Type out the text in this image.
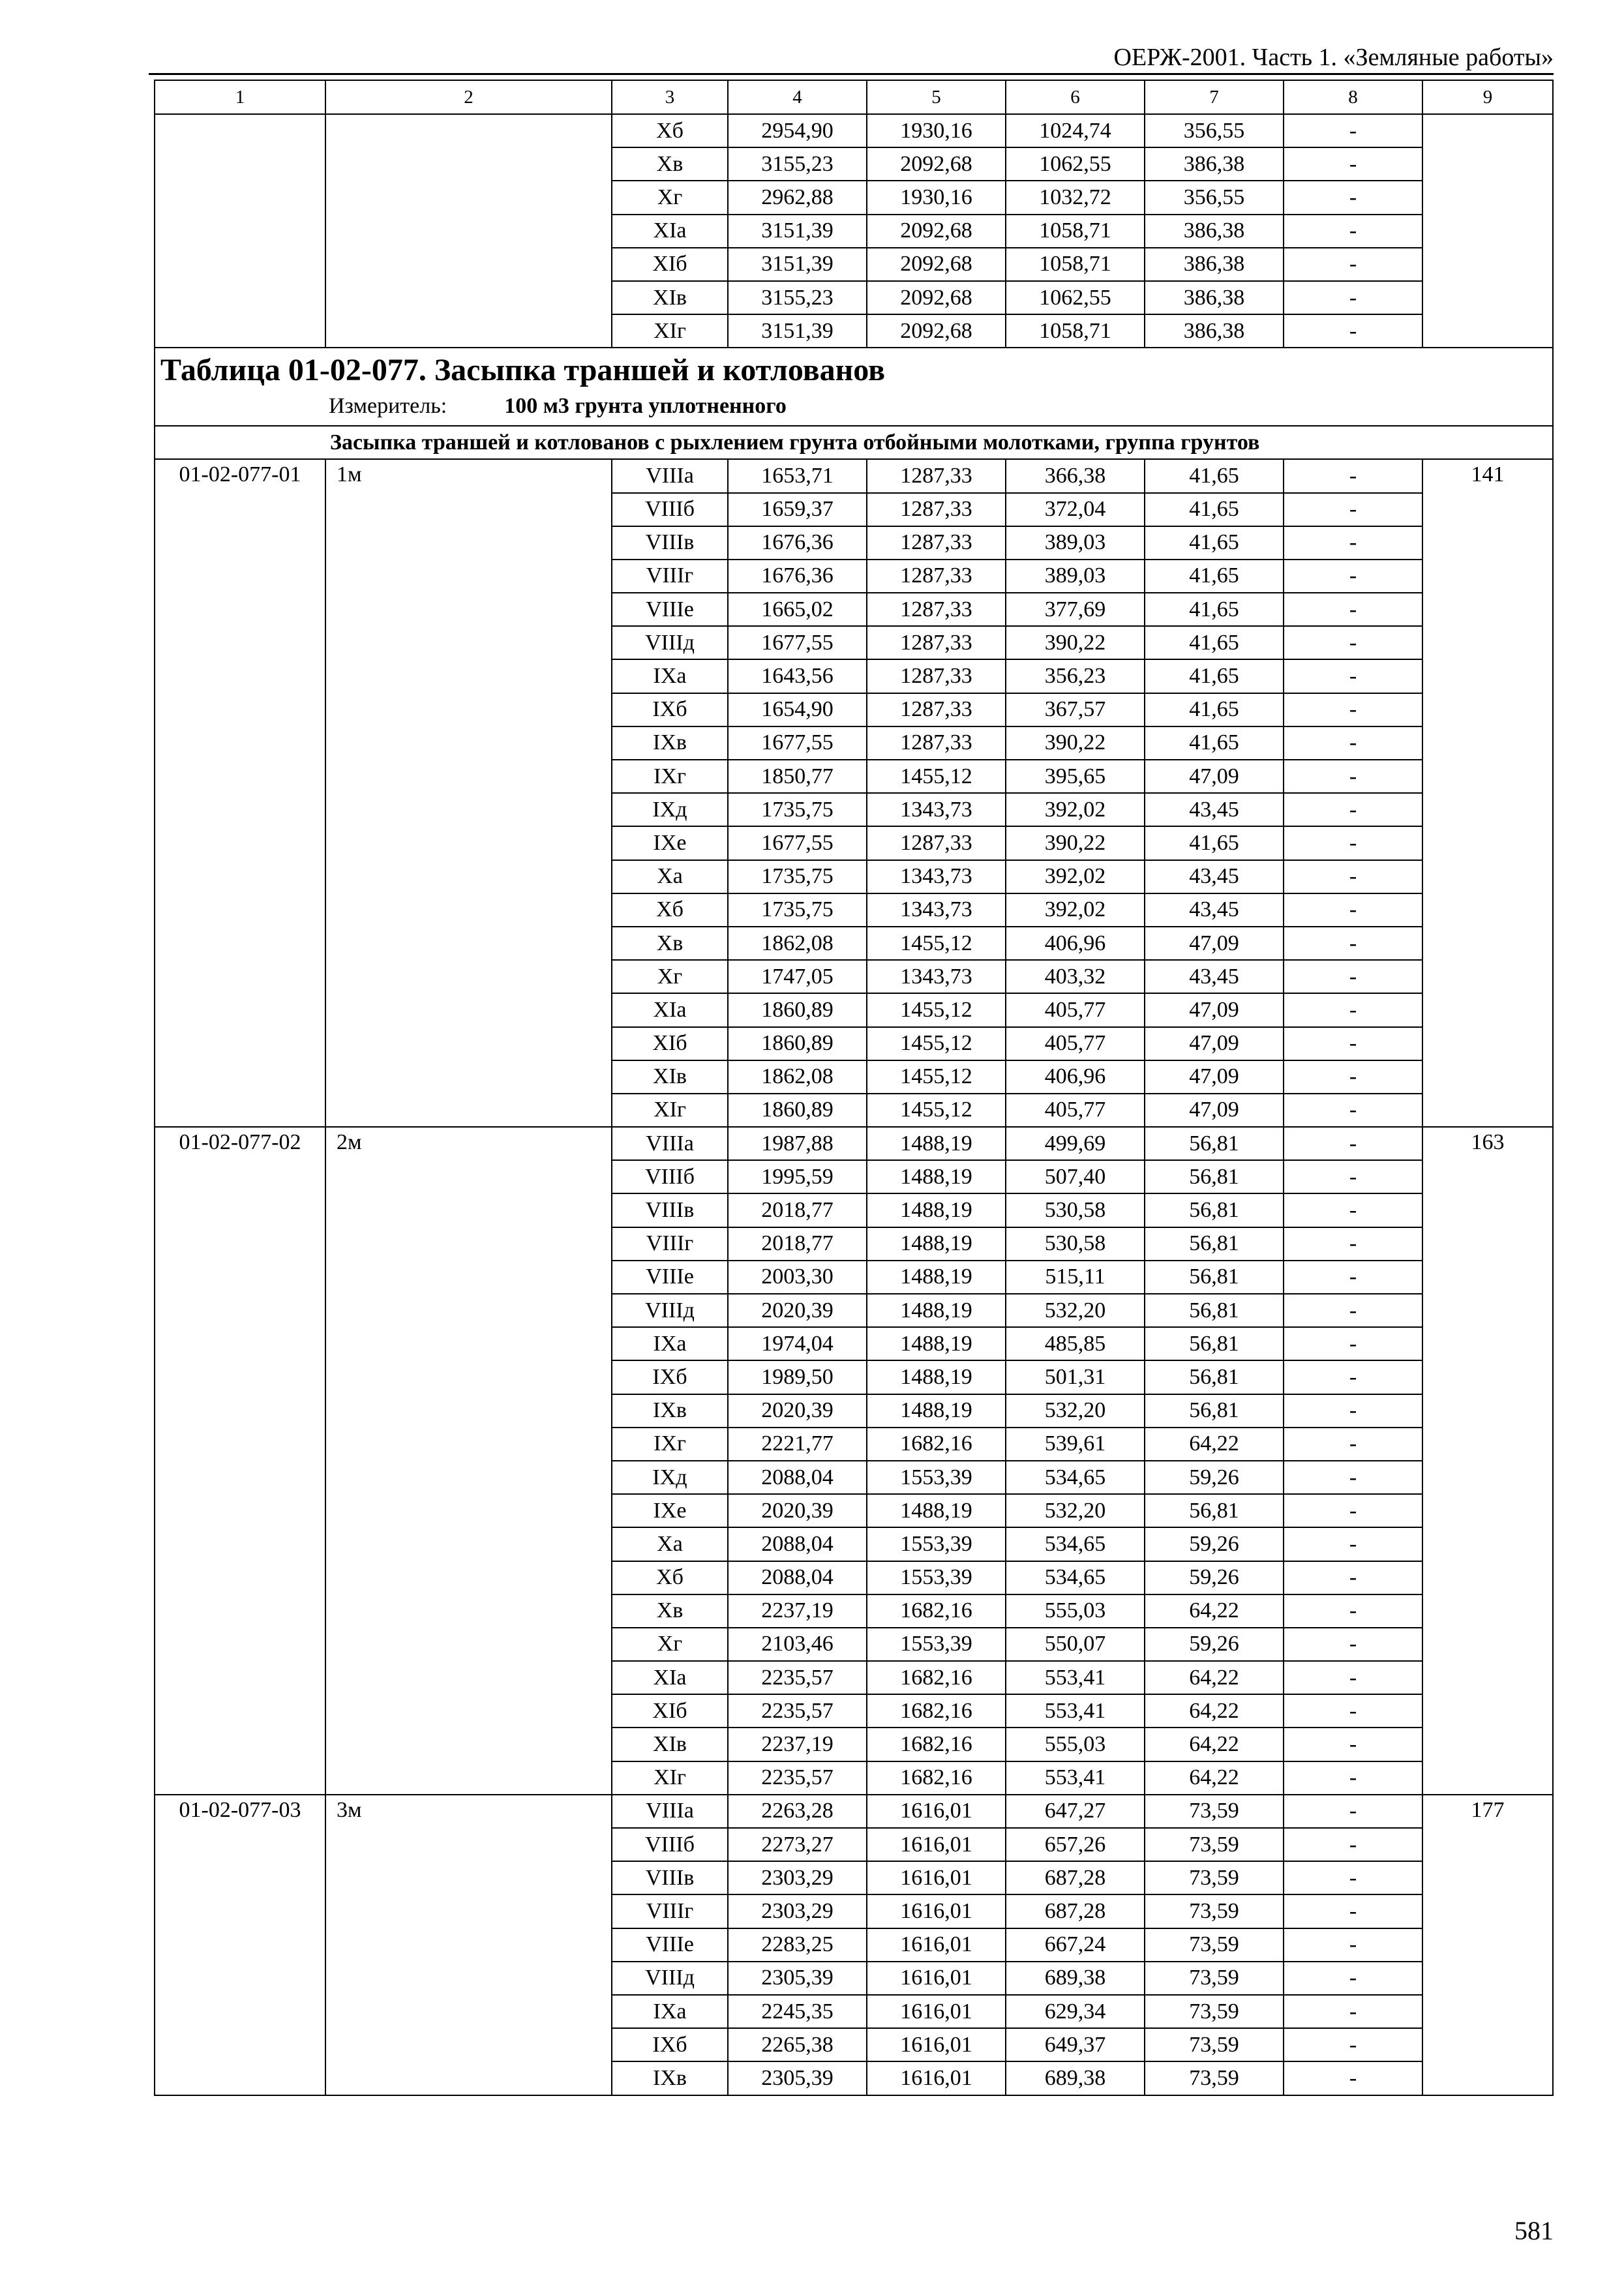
ОЕРЖ-2001. Часть 1. «Земляные работы»
1	2	3	4	5	6	7	8	9
		Xб	2954,90	1930,16	1024,74	356,55	-	
		Xв	3155,23	2092,68	1062,55	386,38	-	
		Xг	2962,88	1930,16	1032,72	356,55	-	
		XIа	3151,39	2092,68	1058,71	386,38	-	
		XIб	3151,39	2092,68	1058,71	386,38	-	
		XIв	3155,23	2092,68	1062,55	386,38	-	
		XIг	3151,39	2092,68	1058,71	386,38	-	

Таблица 01-02-077. Засыпка траншей и котлованов
Измеритель: 100 м3 грунта уплотненного								

Засыпка траншей и котлованов с рыхлением грунта отбойными молотками, группа грунтов								
01-02-077-01	1м	VIIIа	1653,71	1287,33	366,38	41,65	-	141
		VIIIб	1659,37	1287,33	372,04	41,65	-	
		VIIIв	1676,36	1287,33	389,03	41,65	-	
		VIIIг	1676,36	1287,33	389,03	41,65	-	
		VIIIе	1665,02	1287,33	377,69	41,65	-	
		VIIIд	1677,55	1287,33	390,22	41,65	-	
		IXа	1643,56	1287,33	356,23	41,65	-	
		IXб	1654,90	1287,33	367,57	41,65	-	
		IXв	1677,55	1287,33	390,22	41,65	-	
		IXг	1850,77	1455,12	395,65	47,09	-	
		IXд	1735,75	1343,73	392,02	43,45	-	
		IXе	1677,55	1287,33	390,22	41,65	-	
		Xа	1735,75	1343,73	392,02	43,45	-	
		Xб	1735,75	1343,73	392,02	43,45	-	
		Xв	1862,08	1455,12	406,96	47,09	-	
		Xг	1747,05	1343,73	403,32	43,45	-	
		XIа	1860,89	1455,12	405,77	47,09	-	
		XIб	1860,89	1455,12	405,77	47,09	-	
		XIв	1862,08	1455,12	406,96	47,09	-	
		XIг	1860,89	1455,12	405,77	47,09	-	
01-02-077-02	2м	VIIIа	1987,88	1488,19	499,69	56,81	-	163
		VIIIб	1995,59	1488,19	507,40	56,81	-	
		VIIIв	2018,77	1488,19	530,58	56,81	-	
		VIIIг	2018,77	1488,19	530,58	56,81	-	
		VIIIе	2003,30	1488,19	515,11	56,81	-	
		VIIIд	2020,39	1488,19	532,20	56,81	-	
		IXа	1974,04	1488,19	485,85	56,81	-	
		IXб	1989,50	1488,19	501,31	56,81	-	
		IXв	2020,39	1488,19	532,20	56,81	-	
		IXг	2221,77	1682,16	539,61	64,22	-	
		IXд	2088,04	1553,39	534,65	59,26	-	
		IXе	2020,39	1488,19	532,20	56,81	-	
		Xа	2088,04	1553,39	534,65	59,26	-	
		Xб	2088,04	1553,39	534,65	59,26	-	
		Xв	2237,19	1682,16	555,03	64,22	-	
		Xг	2103,46	1553,39	550,07	59,26	-	
		XIа	2235,57	1682,16	553,41	64,22	-	
		XIб	2235,57	1682,16	553,41	64,22	-	
		XIв	2237,19	1682,16	555,03	64,22	-	
		XIг	2235,57	1682,16	553,41	64,22	-	
01-02-077-03	3м	VIIIа	2263,28	1616,01	647,27	73,59	-	177
		VIIIб	2273,27	1616,01	657,26	73,59	-	
		VIIIв	2303,29	1616,01	687,28	73,59	-	
		VIIIг	2303,29	1616,01	687,28	73,59	-	
		VIIIе	2283,25	1616,01	667,24	73,59	-	
		VIIIд	2305,39	1616,01	689,38	73,59	-	
		IXа	2245,35	1616,01	629,34	73,59	-	
		IXб	2265,38	1616,01	649,37	73,59	-	
		IXв	2305,39	1616,01	689,38	73,59	-	
581
